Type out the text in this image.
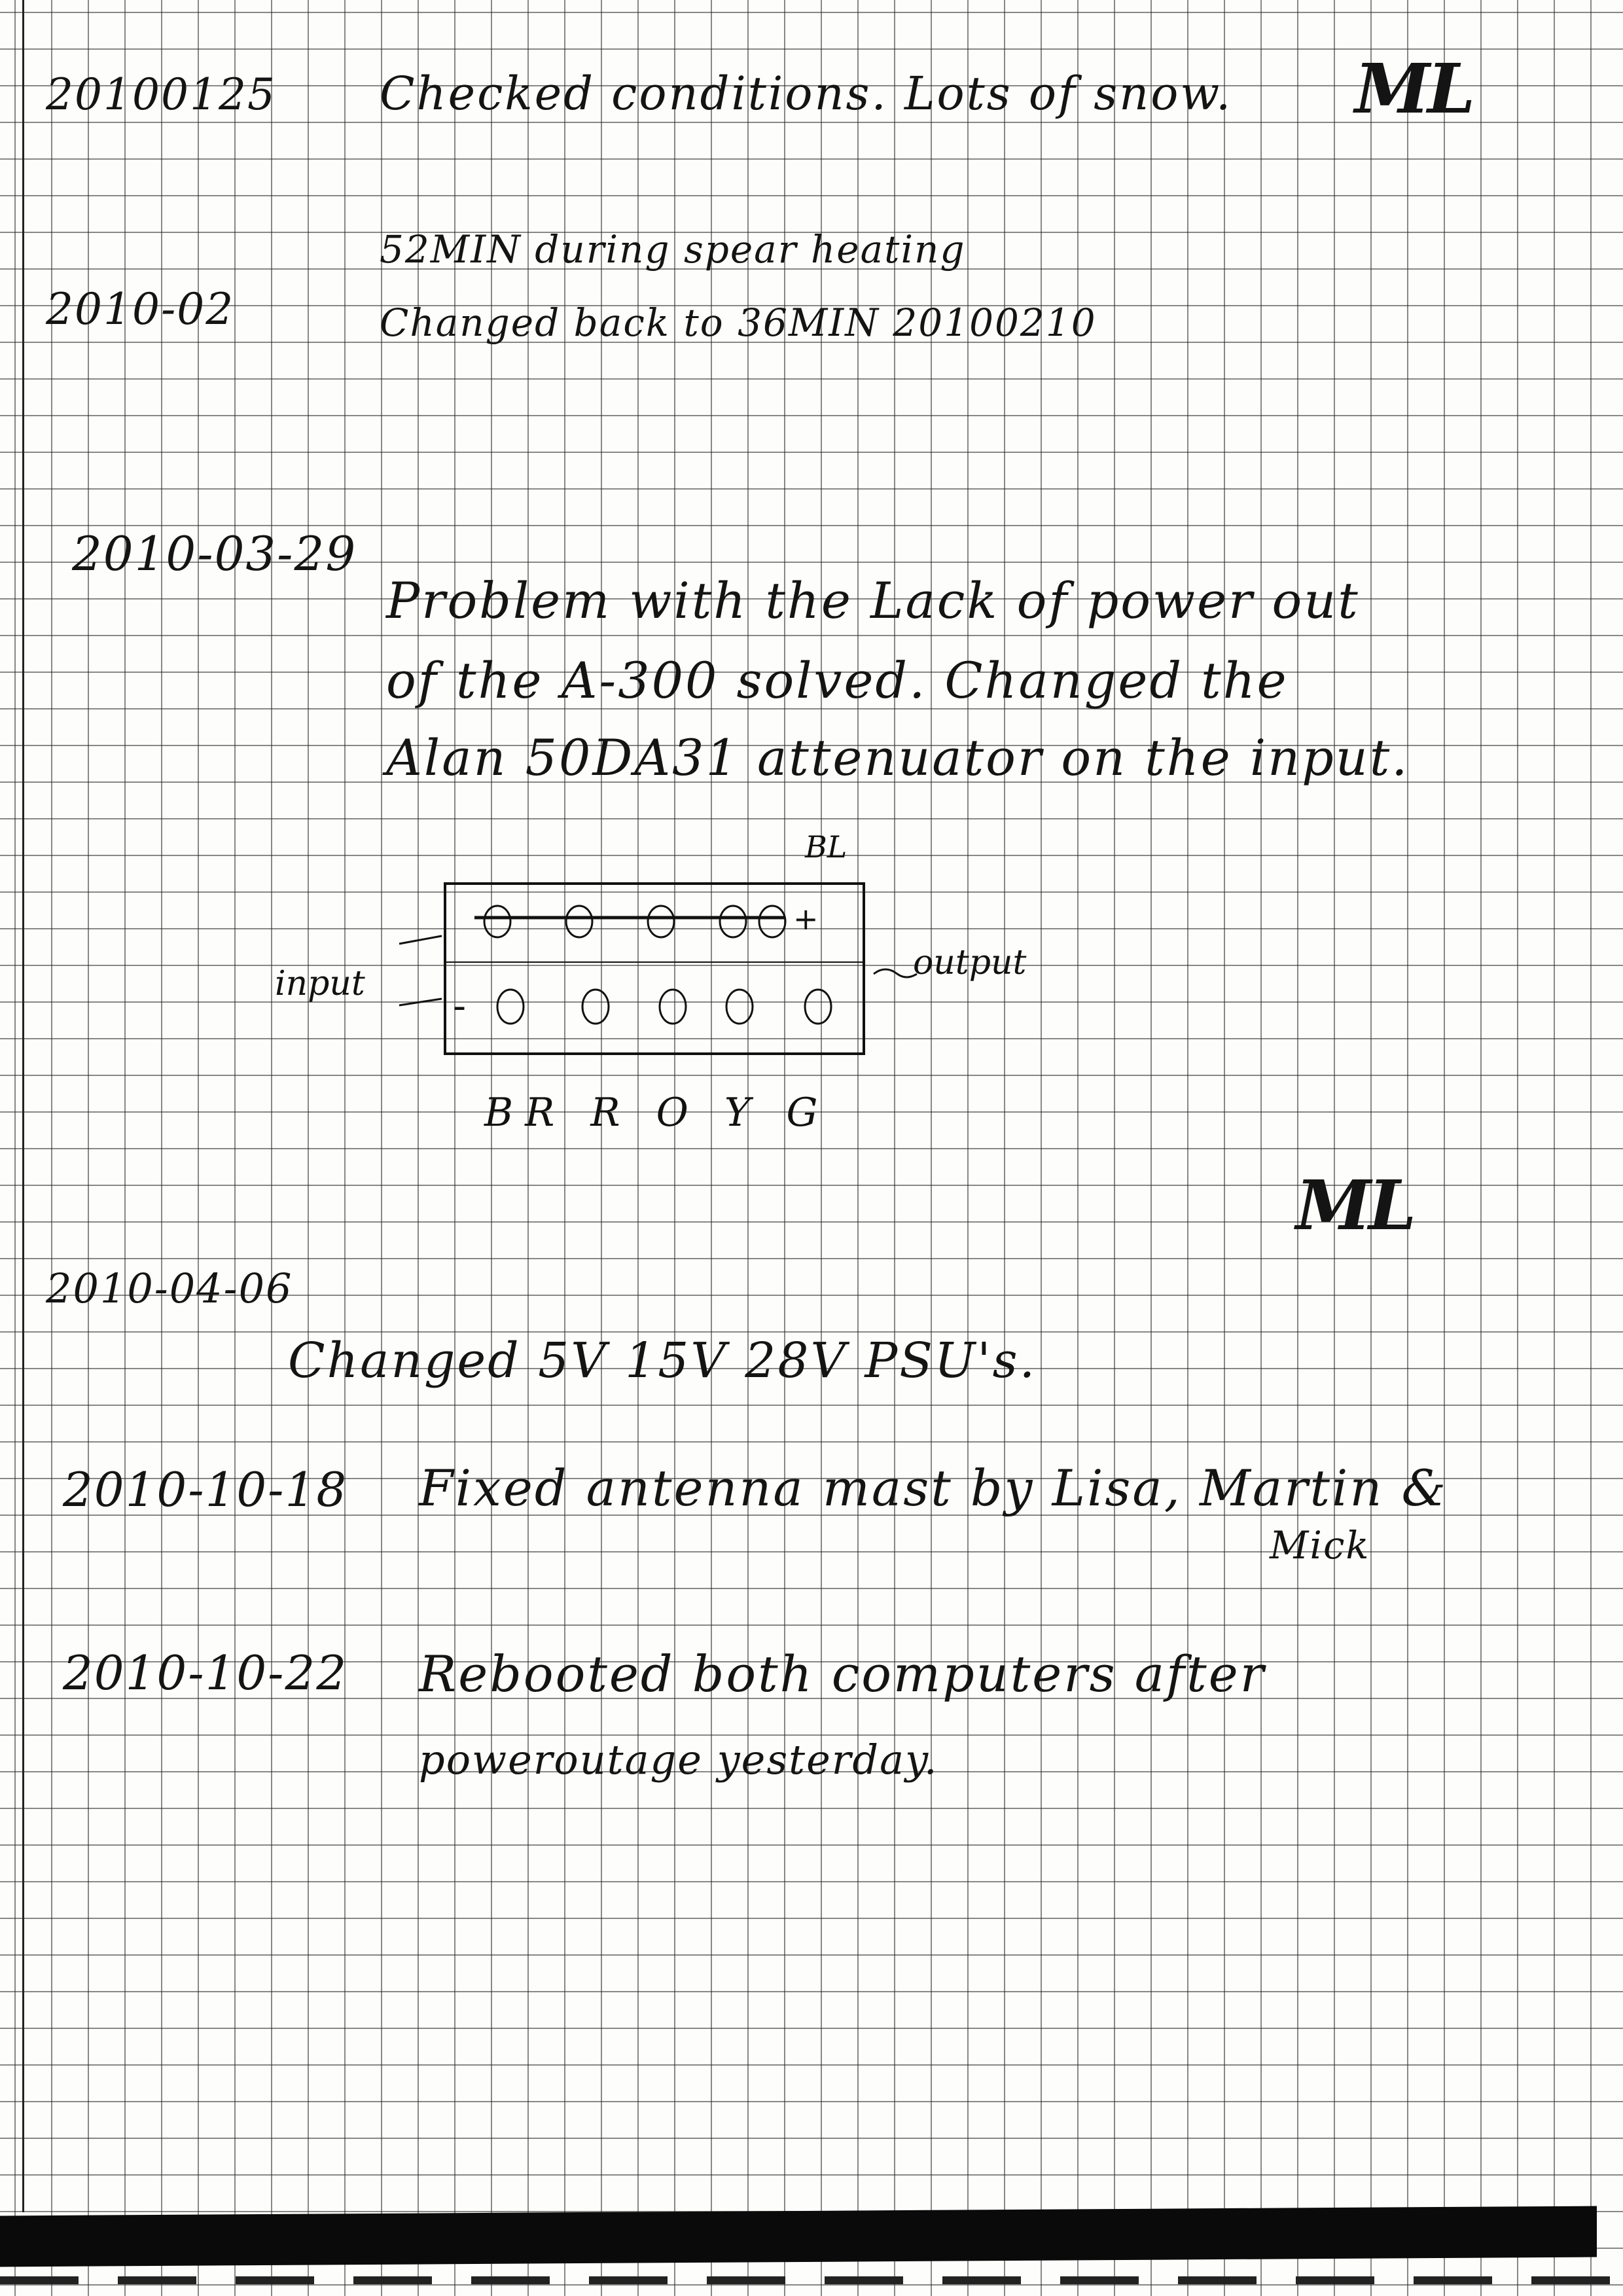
20100125 Checked conditions. Lots of snow. ML
52MIN during spear heating
2010-02	Changed back to 36MIN 20100210
2010-03-29
Problem with the Lack of power out
of the A-300 solved. Changed the
Alan 50DA31 attenuator on the input.
BL
+
-
input
output
BR R O Y G
ML
2010-04-06
Changed 5V 15V 28V PSU's.
2010-10-18 Fixed antenna mast by Lisa, Martin &
Mick
2010-10-22 Rebooted both computers after
poweroutage yesterday.
